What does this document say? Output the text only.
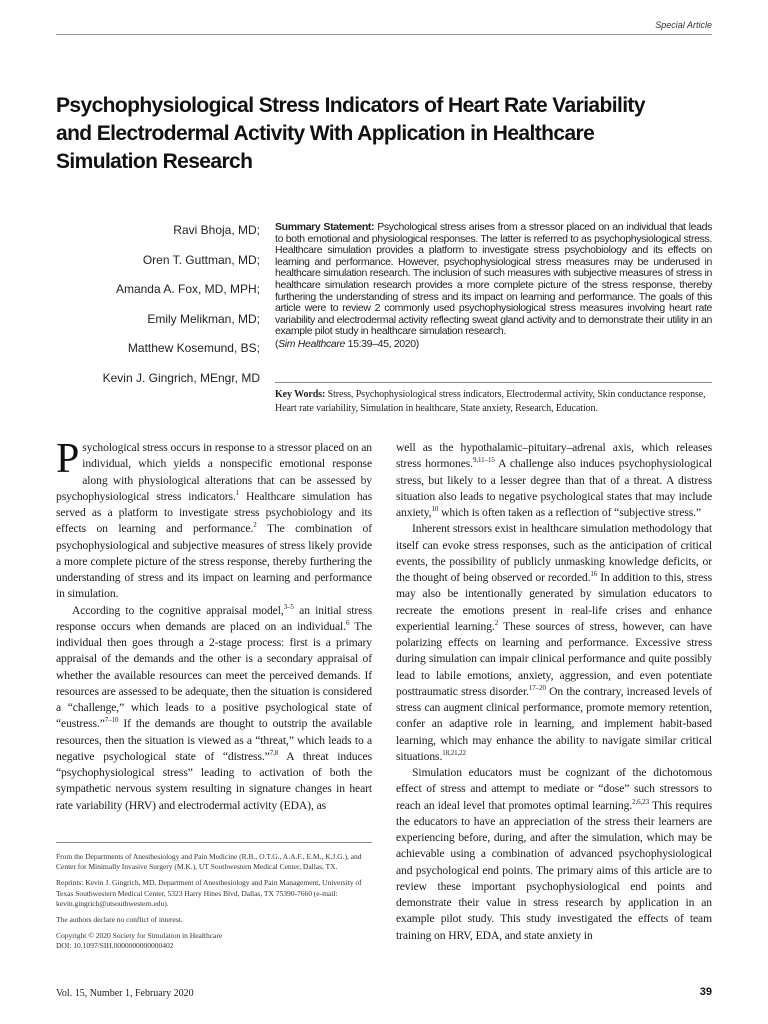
Special Article
Psychophysiological Stress Indicators of Heart Rate Variability
and Electrodermal Activity With Application in Healthcare
Simulation Research
Ravi Bhoja, MD;
Oren T. Guttman, MD;
Amanda A. Fox, MD, MPH;
Emily Melikman, MD;
Matthew Kosemund, BS;
Kevin J. Gingrich, MEngr, MD
Summary Statement: Psychological stress arises from a stressor placed on an individual that leads to both emotional and physiological responses. The latter is referred to as psychophysiological stress. Healthcare simulation provides a platform to investigate stress psychobiology and its effects on learning and performance. However, psychophysiological stress measures may be underused in healthcare simulation research. The inclusion of such measures with subjective measures of stress in healthcare simulation research provides a more complete picture of the stress response, thereby furthering the understanding of stress and its impact on learning and performance. The goals of this article were to review 2 commonly used psychophysiological stress measures involving heart rate variability and electrodermal activity reflecting sweat gland activity and to demonstrate their utility in an example pilot study in healthcare simulation research.
(Sim Healthcare 15:39–45, 2020)
Key Words: Stress, Psychophysiological stress indicators, Electrodermal activity, Skin conductance response, Heart rate variability, Simulation in healthcare, State anxiety, Research, Education.

Psychological stress occurs in response to a stressor placed on an individual, which yields a nonspecific emotional response along with physiological alterations that can be assessed by psychophysiological stress indicators.$^1$ Healthcare simulation has served as a platform to investigate stress psychobiology and its effects on learning and performance.$^2$ The combination of psychophysiological and subjective measures of stress likely provide a more complete picture of the stress response, thereby furthering the understanding of stress and its impact on learning and performance in simulation.

According to the cognitive appraisal model,$^{3-5}$ an initial stress response occurs when demands are placed on an individual.$^6$ The individual then goes through a 2-stage process: first is a primary appraisal of the demands and the other is a secondary appraisal of whether the available resources can meet the perceived demands. If resources are assessed to be adequate, then the situation is considered a “challenge,” which leads to a positive psychological state of “eustress.”$^{7-10}$ If the demands are thought to outstrip the available resources, then the situation is viewed as a “threat,” which leads to a negative psychological state of “distress.”$^{7,8}$ A threat induces “psychophysiological stress” leading to activation of both the sympathetic nervous system resulting in signature changes in heart rate variability (HRV) and electrodermal activity (EDA), as

well as the hypothalamic–pituitary–adrenal axis, which releases stress hormones.$^{9,11-15}$ A challenge also induces psychophysiological stress, but likely to a lesser degree than that of a threat. A distress situation also leads to negative psychological states that may include anxiety,$^{10}$ which is often taken as a reflection of “subjective stress.”

Inherent stressors exist in healthcare simulation methodology that itself can evoke stress responses, such as the anticipation of critical events, the possibility of publicly unmasking knowledge deficits, or the thought of being observed or recorded.$^{16}$ In addition to this, stress may also be intentionally generated by simulation educators to recreate the emotions present in real-life crises and enhance experiential learning.$^2$ These sources of stress, however, can have polarizing effects on learning and performance. Excessive stress during simulation can impair clinical performance and quite possibly lead to labile emotions, anxiety, aggression, and even potentiate posttraumatic stress disorder.$^{17-20}$ On the contrary, increased levels of stress can augment clinical performance, promote memory retention, confer an adaptive role in learning, and implement habit-based learning, which may enhance the ability to navigate similar critical situations.$^{18,21,22}$

Simulation educators must be cognizant of the dichotomous effect of stress and attempt to mediate or “dose” such stressors to reach an ideal level that promotes optimal learning.$^{2,6,23}$ This requires the educators to have an appreciation of the stress their learners are experiencing before, during, and after the simulation, which may be achievable using a combination of advanced psychophysiological and psychological end points. The primary aims of this article are to review these important psychophysiological end points and demonstrate their value in stress research by application in an example pilot study. This study investigated the effects of team training on HRV, EDA, and state anxiety in

From the Departments of Anesthesiology and Pain Medicine (R.B., O.T.G., A.A.F., E.M., K.J.G.), and Center for Minimally Invasive Surgery (M.K.), UT Southwestern Medical Center, Dallas, TX.

Reprints: Kevin J. Gingrich, MD, Department of Anesthesiology and Pain Management, University of Texas Southwestern Medical Center, 5323 Harry Hines Blvd, Dallas, TX 75390-7660 (e-mail: kevin.gingrich@utsouthwestern.edu).

The authors declare no conflict of interest.

Copyright © 2020 Society for Simulation in Healthcare

DOI: 10.1097/SIH.0000000000000402

Vol. 15, Number 1, February 2020	39
